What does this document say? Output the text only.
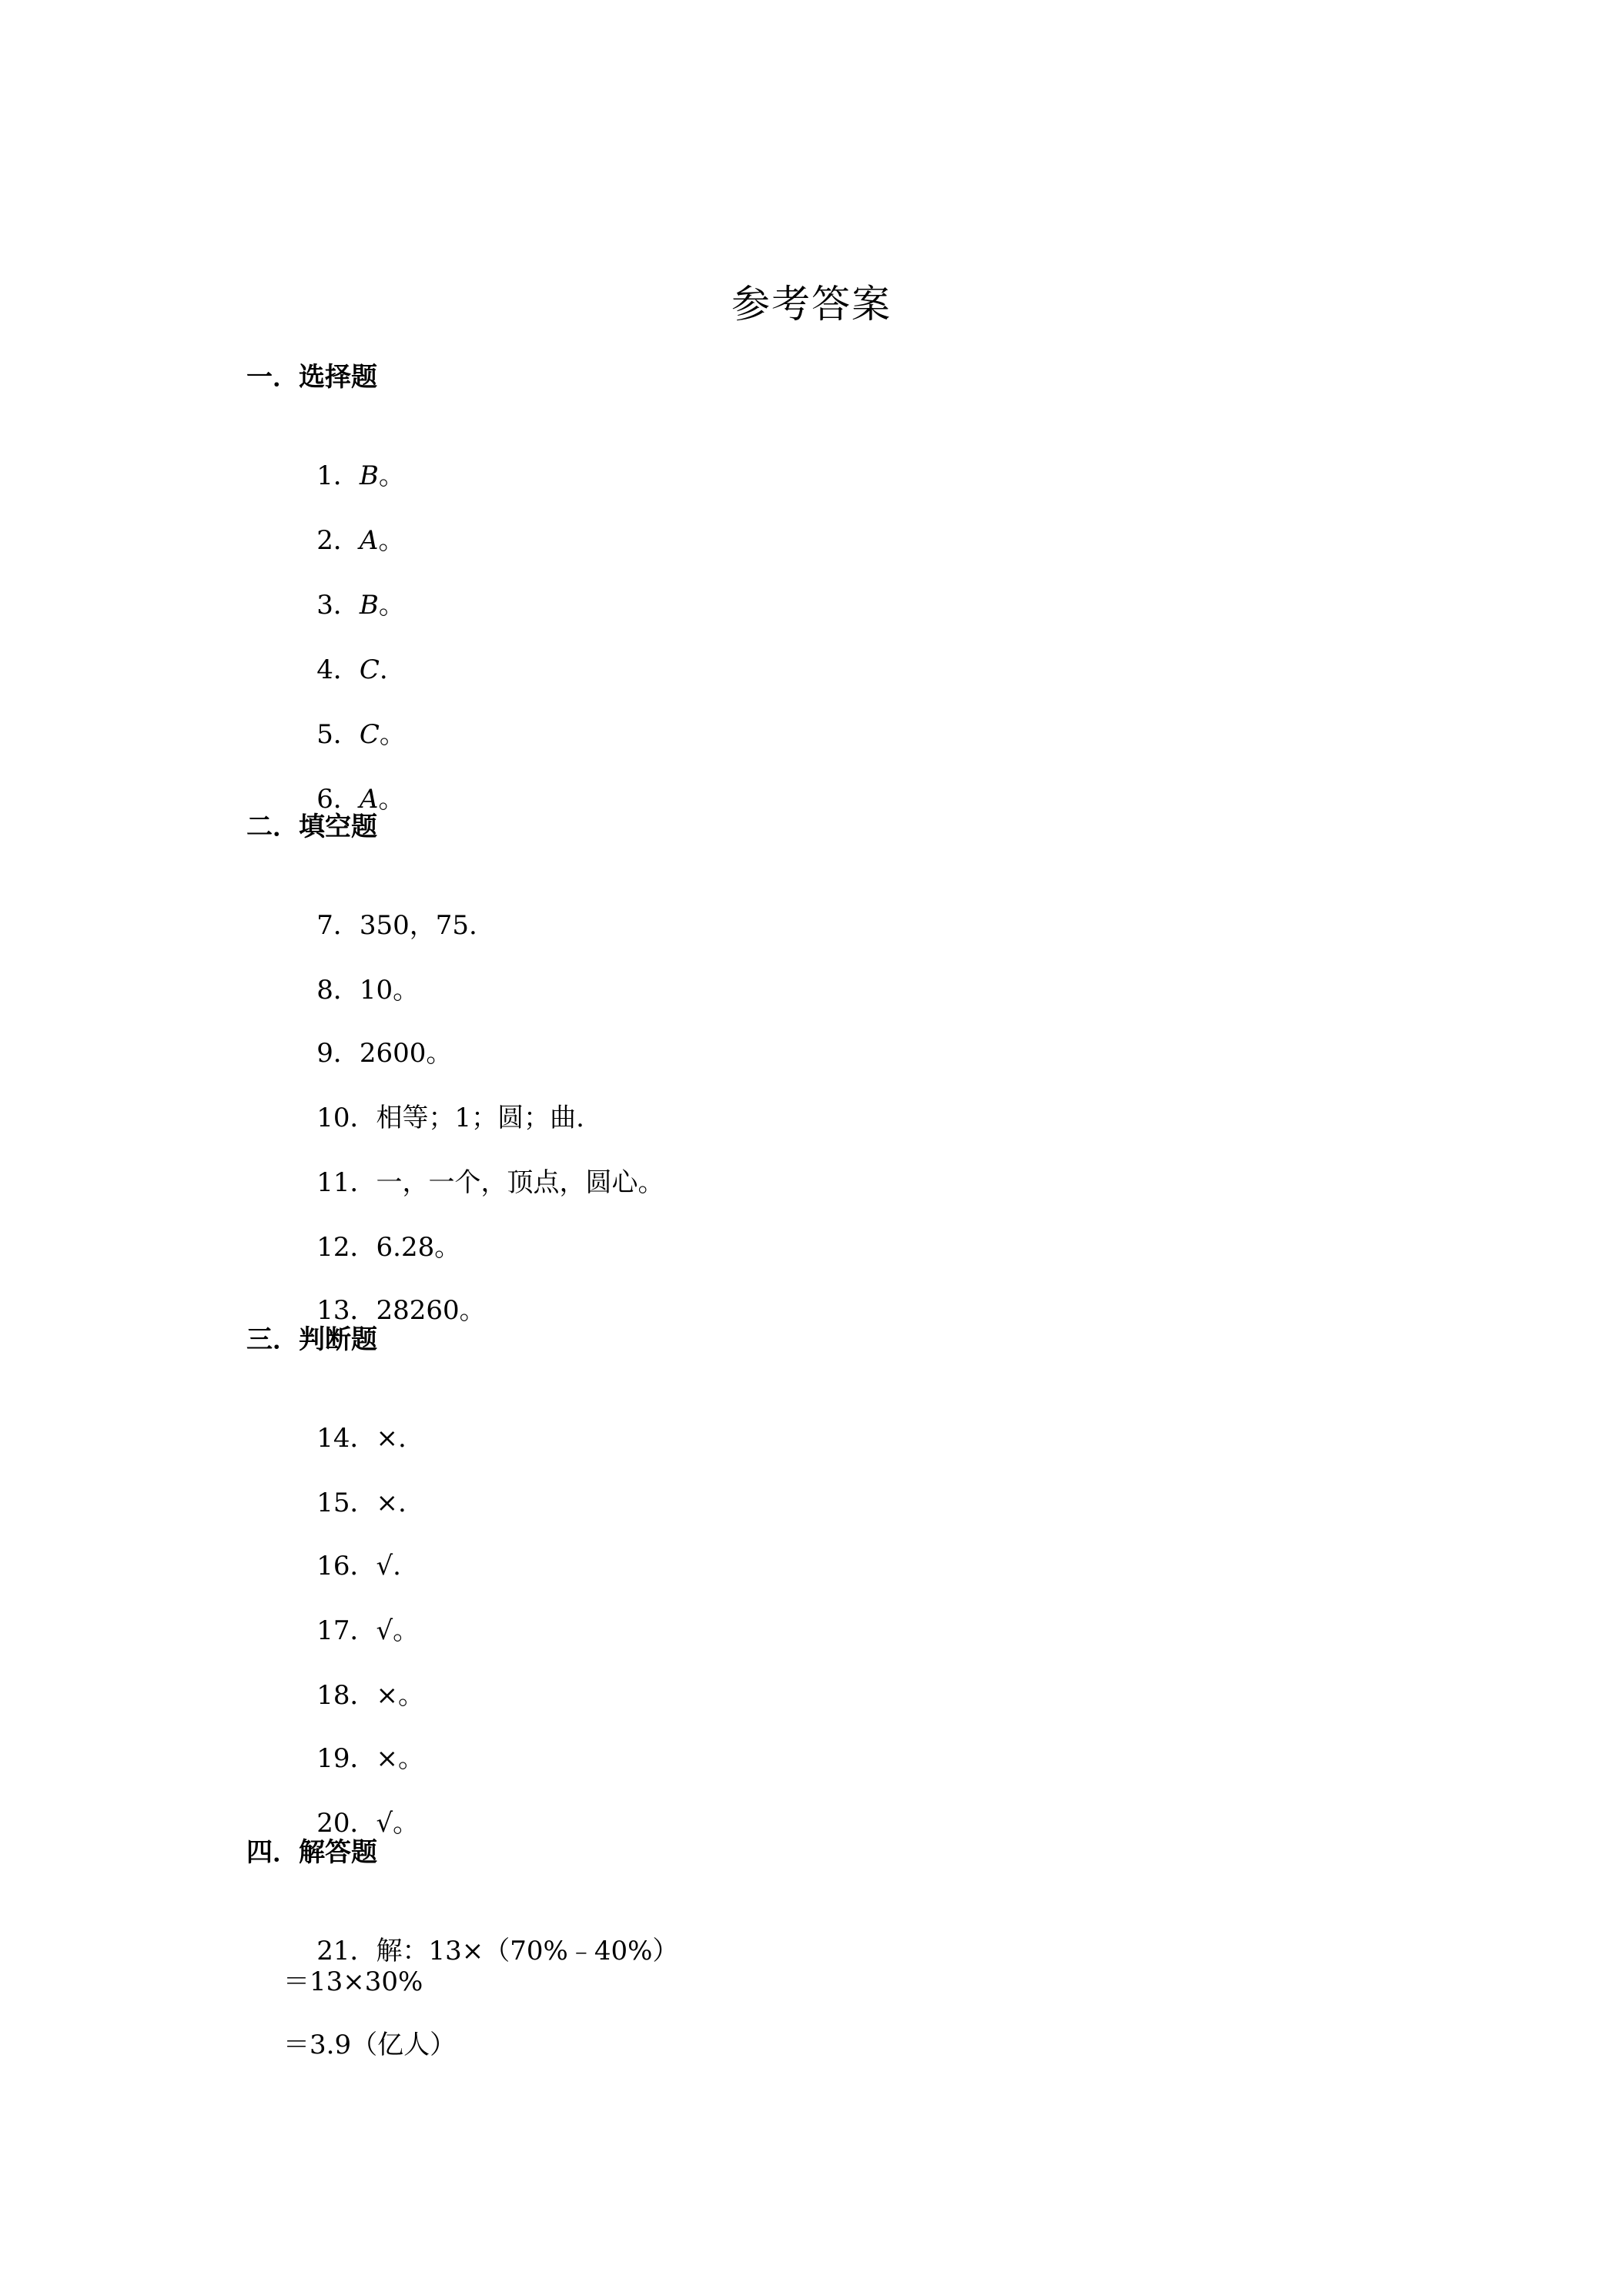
参考答案
一．选择题

1．B。

2．A。

3．B。

4．C.

5．C。

6．A。

二．填空题

7．350，75.

8．10。

9．2600。

10．相等；1；圆；曲.

11．一，一个，顶点，圆心。

12．6.28。

13．28260。

三．判断题

14．×.

15．×.

16．√.

17．√。

18．×。

19．×。

20．√。

四．解答题

21．解：13×（70%﹣40%）

＝13×30%
＝3.9（亿人）
